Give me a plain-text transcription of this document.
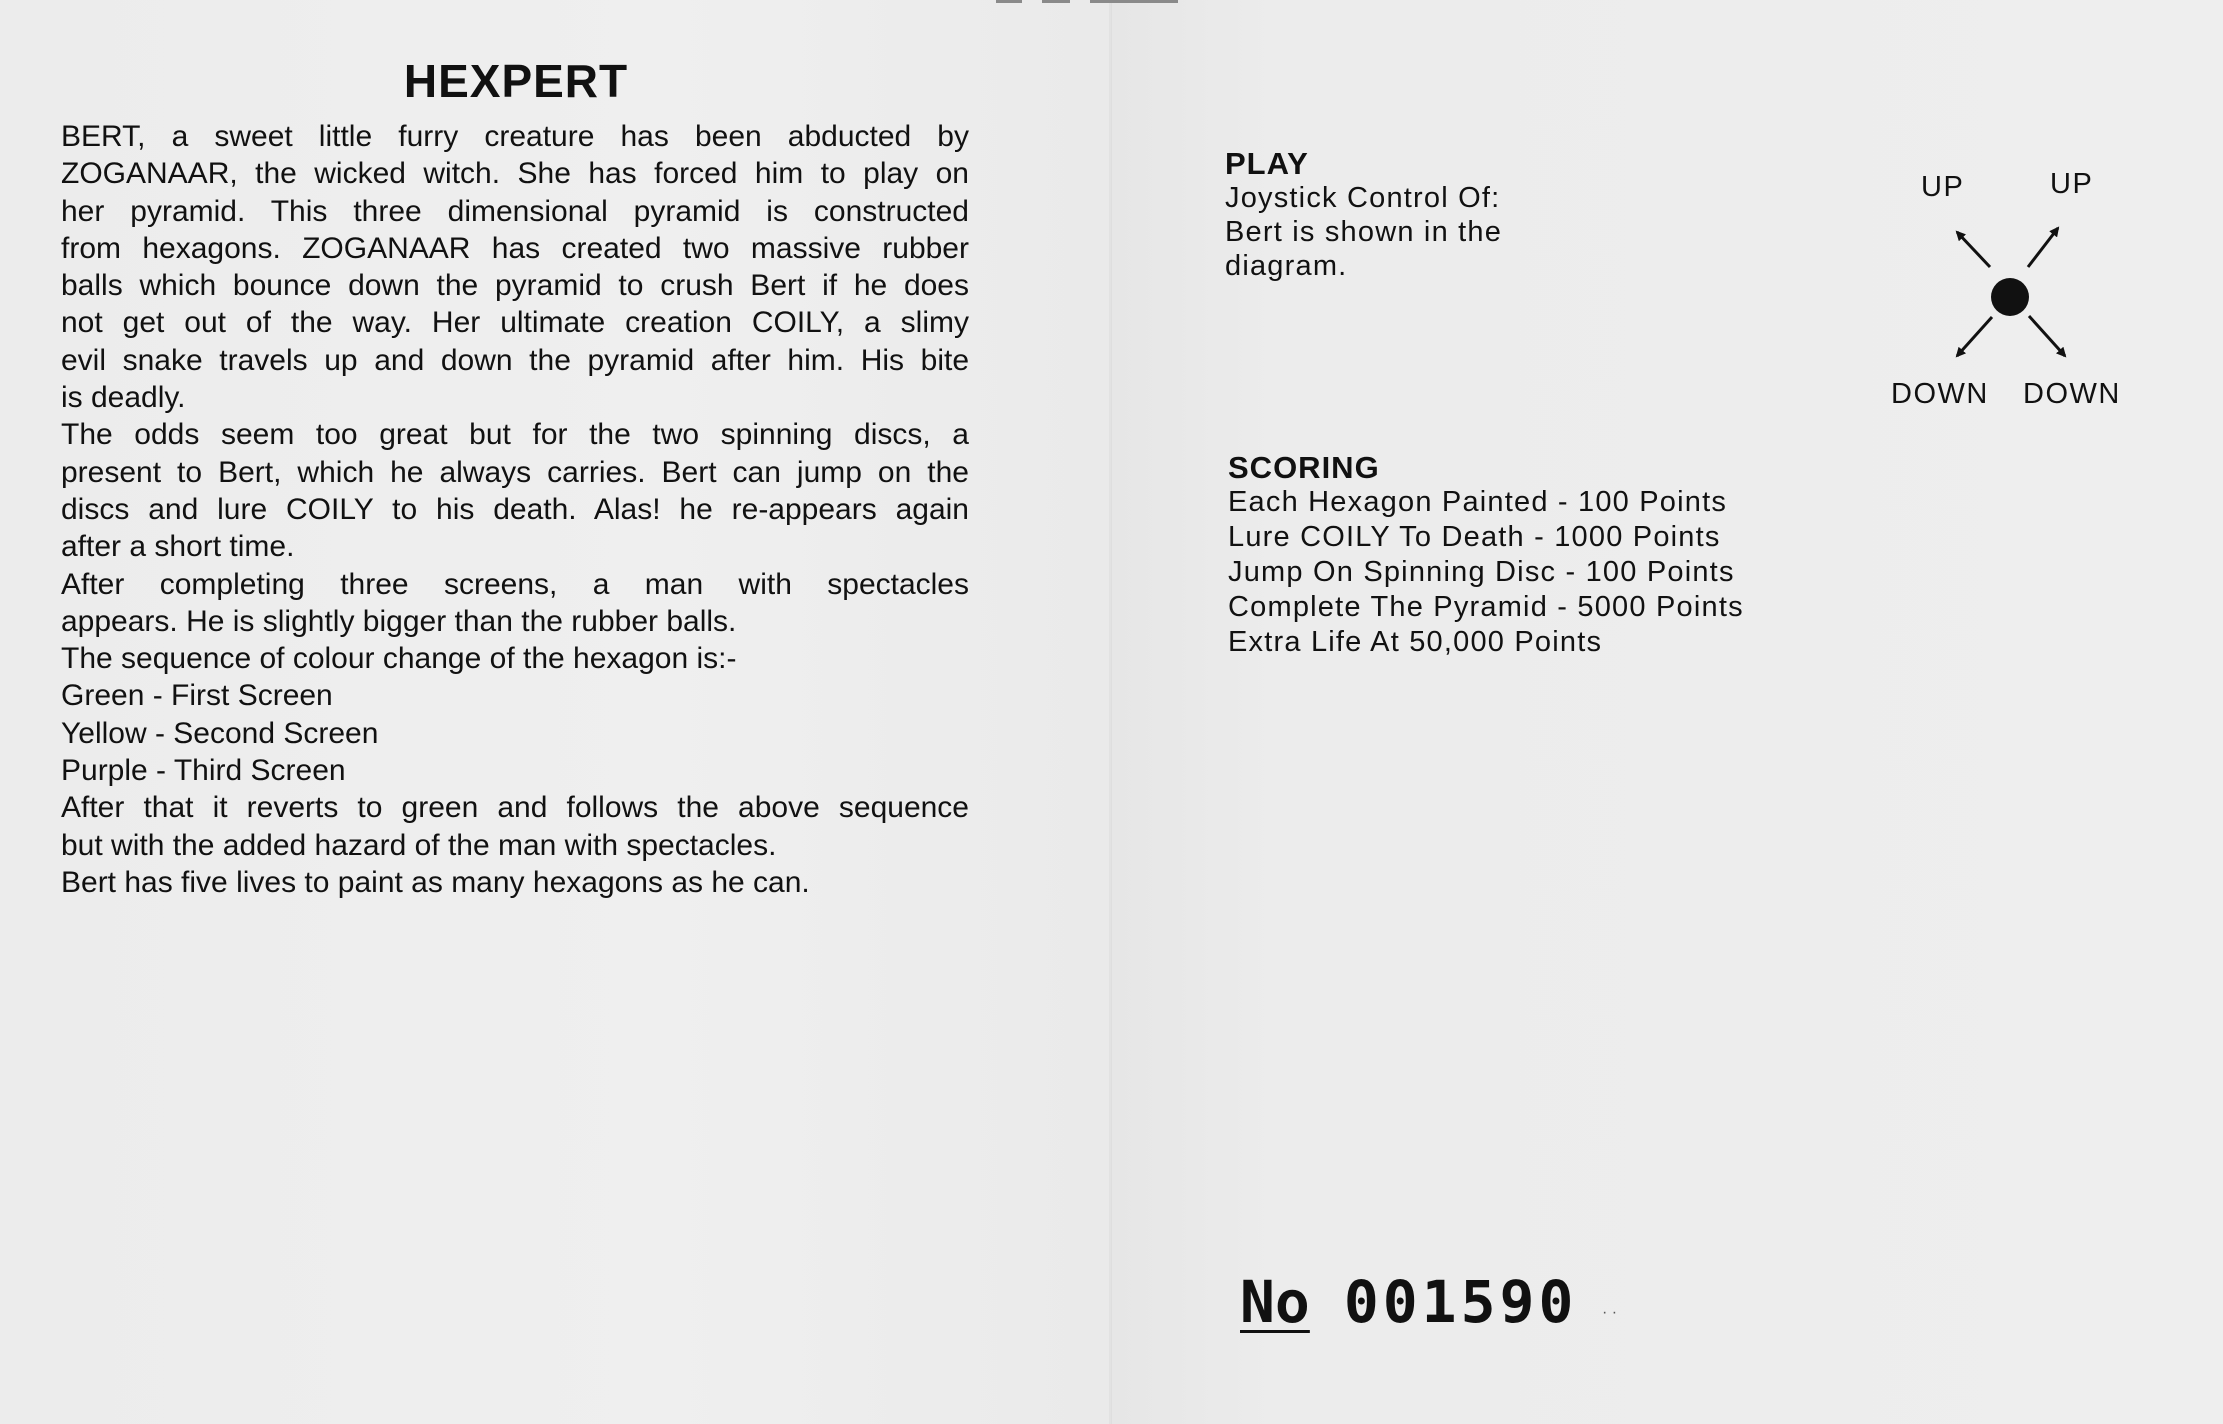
HEXPERT
BERT, a sweet little furry creature has been abducted by
ZOGANAAR, the wicked witch. She has forced him to play on
her pyramid. This three dimensional pyramid is constructed
from hexagons. ZOGANAAR has created two massive rubber
balls which bounce down the pyramid to crush Bert if he does
not get out of the way. Her ultimate creation COILY, a slimy
evil snake travels up and down the pyramid after him. His bite
is deadly.
The odds seem too great but for the two spinning discs, a
present to Bert, which he always carries. Bert can jump on the
discs and lure COILY to his death. Alas! he re-appears again
after a short time.
After completing three screens, a man with spectacles
appears. He is slightly bigger than the rubber balls.
The sequence of colour change of the hexagon is:-
Green - First Screen
Yellow - Second Screen
Purple - Third Screen
After that it reverts to green and follows the above sequence
but with the added hazard of the man with spectacles.
Bert has five lives to paint as many hexagons as he can.
PLAY

Joystick Control Of:

Bert is shown in the

diagram.

UP	UP
DOWN DOWN
SCORING

Each Hexagon Painted - 100 Points

Lure COILY To Death - 1000 Points

Jump On Spinning Disc - 100 Points

Complete The Pyramid - 5000 Points

Extra Life At 50,000 Points

No 001590 · ·
